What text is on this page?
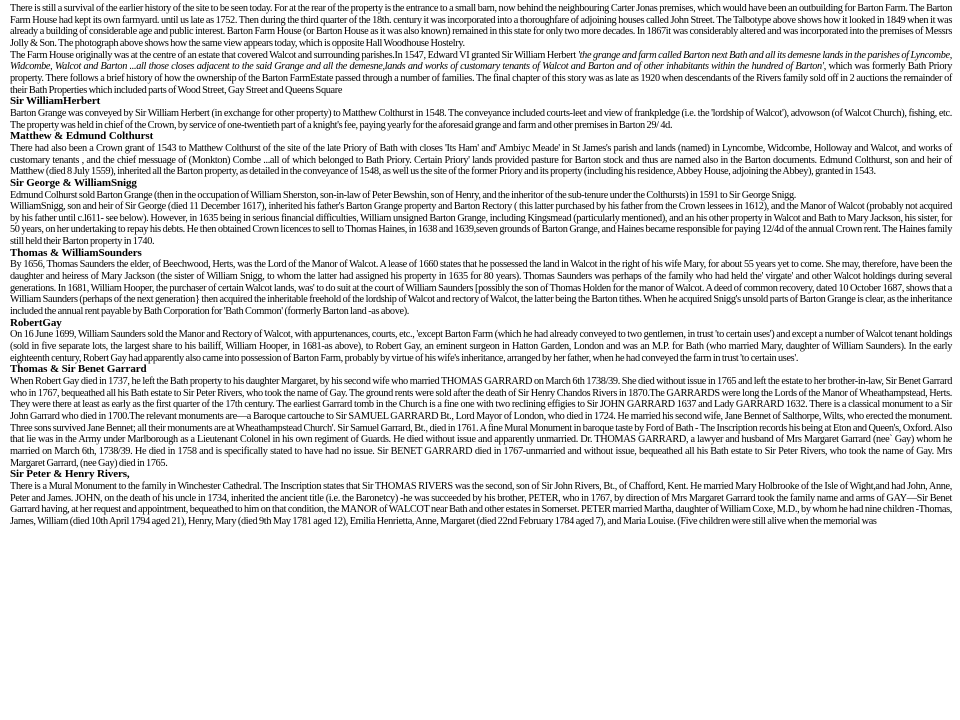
There is still a survival of the earlier history of the site to be seen today. For at the rear of the property is the entrance to a small barn, now behind the neighbouring Carter Jonas premises, which would have been an outbuilding for Barton Farm. The Barton Farm House had kept its own farmyard. until us late as 1752. Then during the third quarter of the 18th. century it was incorporated into a thoroughfare of adjoining houses called John Street. The Talbotype above shows how it looked in 1849 when it was already a building of considerable age and public interest. Barton Farm House (or Barton House as it was also known) remained in this state for only two more decades. In 1867it was considerably altered and was incorporated into the premises of Messrs Jolly & Son. The photograph above shows how the same view appears today, which is opposite Hall Woodhouse Hostelry.

The Farm House originally was at the centre of an estate that covered Walcot and surrounding parishes.In 1547, Edward VI granted Sir William Herbert 'the grange and farm called Barton next Bath and all its demesne lands in the parishes of Lyncombe, Widcombe, Walcot and Barton ...all those closes adjacent to the said Grange and all the demesne,lands and works of customary tenants of Walcot and Barton and of other inhabitants within the hundred of Barton', which was formerly Bath Priory property. There follows a brief history of how the ownership of the Barton FarmEstate passed through a number of families. The final chapter of this story was as late as 1920 when descendants of the Rivers family sold off in 2 auctions the remainder of their Bath Properties which included parts of Wood Street, Gay Street and Queens Square

Sir WilliamHerbert

Barton Grange was conveyed by Sir William Herbert (in exchange for other property) to Matthew Colthurst in 1548. The conveyance included courts-leet and view of frankpledge (i.e. the 'lordship of Walcot'), advowson (of Walcot Church), fishing, etc. The property was held in chief of the Crown, by service of one-twentieth part of a knight's fee, paying yearly for the aforesaid grange and farm and other premises in Barton 29/ 4d.

Matthew & Edmund Colthurst

There had also been a Crown grant of 1543 to Matthew Colthurst of the site of the late Priory of Bath with closes 'Its Ham' and' Ambiyc Meade' in St James's parish and lands (named) in Lyncombe, Widcombe, Holloway and Walcot, and works of customary tenants , and the chief messuage of (Monkton) Combe ...all of which belonged to Bath Priory. Certain Priory' lands provided pasture for Barton stock and thus are named also in the Barton documents. Edmund Colthurst, son and heir of Matthew (died 8 July 1559), inherited all the Barton property, as detailed in the conveyance of 1548, as well us the site of the former Priory and its property (including his residence, Abbey House, adjoining the Abbey), granted in 1543.

Sir George & WilliamSnigg

Edmund Colhurst sold Barton Grange (then in the occupation of William Sherston, son-in-law of Peter Bewshin, son of Henry, and the inheritor of the sub-tenure under the Colthursts) in 1591 to Sir George Snigg.

WilliamSnigg, son and heir of Sir George (died 11 December 1617), inherited his father's Barton Grange property and Barton Rectory ( this latter purchased by his father from the Crown lessees in 1612), and the Manor of Walcot (probably not acquired by his father until c.l611- see below). However, in 1635 being in serious financial difficulties, William unsigned Barton Grange, including Kingsmead (particularly mentioned), and an his other property in Walcot and Bath to Mary Jackson, his sister, for 50 years, on her undertaking to repay his debts. He then obtained Crown licences to sell to Thomas Haines, in 1638 and 1639,seven grounds of Barton Grange, and Haines became responsible for paying 12/4d of the annual Crown rent. The Haines family still held their Barton property in 1740.

Thomas & WilliamSounders

By 1656, Thomas Saunders the elder, of Beechwood, Herts, was the Lord of the Manor of Walcot. A lease of 1660 states that he possessed the land in Walcot in the right of his wife Mary, for about 55 years yet to come. She may, therefore, have been the daughter and heiress of Mary Jackson (the sister of William Snigg, to whom the latter had assigned his property in 1635 for 80 years). Thomas Saunders was perhaps of the family who had held the' virgate' and other Walcot holdings during several generations. In 1681, William Hooper, the purchaser of certain Walcot lands, was' to do suit at the court of William Saunders [possibly the son of Thomas Holden for the manor of Walcot. A deed of common recovery, dated 10 October 1687, shows that a William Saunders (perhaps of the next generation} then acquired the inheritable freehold of the lordship of Walcot and rectory of Walcot, the latter being the Barton tithes. When he acquired Snigg's unsold parts of Barton Grange is clear, as the inheritance included the annual rent payable by Bath Corporation for 'Bath Common' (formerly Barton land -as above).

RobertGay

On 16 June 1699, William Saunders sold the Manor and Rectory of Walcot, with appurtenances, courts, etc., 'except Barton Farm (which he had already conveyed to two gentlemen, in trust 'to certain uses') and except a number of Walcot tenant holdings (sold in five separate lots, the largest share to his bailiff, William Hooper, in 1681-as above), to Robert Gay, an eminent surgeon in Hatton Garden, London and was an M.P. for Bath (who married Mary, daughter of William Saunders). In the early eighteenth century, Robert Gay had apparently also came into possession of Barton Farm, probably by virtue of his wife's inheritance, arranged by her father, when he had conveyed the farm in trust 'to certain uses'.

Thomas & Sir Benet Garrard

When Robert Gay died in 1737, he left the Bath property to his daughter Margaret, by his second wife who married THOMAS GARRARD on March 6th 1738/39. She died without issue in 1765 and left the estate to her brother-in-law, Sir Benet Garrard who in 1767, bequeathed all his Bath estate to Sir Peter Rivers, who took the name of Gay. The ground rents were sold after the death of Sir Henry Chandos Rivers in 1870.The GARRARDS were long the Lords of the Manor of Wheathampstead, Herts. They were there at least as early as the first quarter of the 17th century. The earliest Garrard tomb in the Church is a fine one with two reclining effigies to Sir JOHN GARRARD 1637 and Lady GARRARD 1632. There is a classical monument to a Sir John Garrard who died in 1700.The relevant monuments are—a Baroque cartouche to Sir SAMUEL GARRARD Bt., Lord Mayor of London, who died in 1724. He married his second wife, Jane Bennet of Salthorpe, Wilts, who erected the monument. Three sons survived Jane Bennet; all their monuments are at Wheathampstead Church'. Sir Samuel Garrard, Bt., died in 1761. A fine Mural Monument in baroque taste by Ford of Bath - The Inscription records his being at Eton and Queen's, Oxford. Also that lie was in the Army under Marlborough as a Lieutenant Colonel in his own regiment of Guards. He died without issue and apparently unmarried. Dr. THOMAS GARRARD, a lawyer and husband of Mrs Margaret Garrard (nee` Gay) whom he married on March 6th, 1738/39. He died in 1758 and is specifically stated to have had no issue. Sir BENET GARRARD died in 1767-unmarried and without issue, bequeathed all his Bath estate to Sir Peter Rivers, who took the name of Gay. Mrs Margaret Garrard, (nee Gay) died in 1765.

Sir Peter & Henry Rivers,

There is a Mural Monument to the family in Winchester Cathedral. The Inscription states that Sir THOMAS RIVERS was the second, son of Sir John Rivers, Bt., of Chafford, Kent. He married Mary Holbrooke of the Isle of Wight,and had John, Anne, Peter and James. JOHN, on the death of his uncle in 1734, inherited the ancient title (i.e. the Baronetcy) -he was succeeded by his brother, PETER, who in 1767, by direction of Mrs Margaret Garrard took the family name and arms of GAY—Sir Benet Garrard having, at her request and appointment, bequeathed to him on that condition, the MANOR of WALCOT near Bath and other estates in Somerset. PETER married Martha, daughter of William Coxe, M.D., by whom he had nine children -Thomas, James, William (died 10th April 1794 aged 21), Henry, Mary (died 9th May 1781 aged 12), Emilia Henrietta, Anne, Margaret (died 22nd February 1784 aged 7), and Maria Louise. (Five children were still alive when the memorial was
